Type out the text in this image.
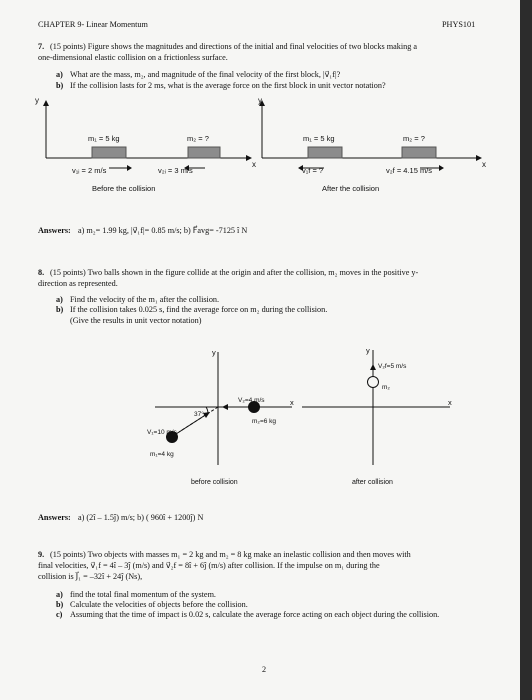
CHAPTER 9- Linear Momentum	PHYS101
7. (15 points) Figure shows the magnitudes and directions of the initial and final velocities of two blocks making a
one-dimensional elastic collision on a frictionless surface.
a) What are the mass, m₂, and magnitude of the final velocity of the first block, |v⃗₁f|?
b) If the collision lasts for 2 ms, what is the average force on the first block in unit vector notation?
y
x
m₁ = 5 kg	m₂ = ?
v₁ᵢ = 2 m/s	v₂ᵢ = 3 m/s
Before the collision
y
x
m₁ = 5 kg	m₂ = ?
v₁f = ?	v₂f = 4.15 m/s
After the collision
Answers: a) m₂= 1.99 kg, |v⃗₁f|= 0.85 m/s; b) F⃗avg= -7125 î N
8. (15 points) Two balls shown in the figure collide at the origin and after the collision, m₂ moves in the positive y-
direction as represented.
a) Find the velocity of the m₁ after the collision.
b) If the collision takes 0.025 s, find the average force on m₂ during the collision.
(Give the results in unit vector notation)
y
x
V₂=4 m/s
m₂=6 kg
37°
V₁=10 m/s
m₁=4 kg
before collision
y
x
V₂f=5 m/s
m₂
after collision
Answers: a) (2î – 1.5ĵ) m/s; b) ( 960î + 1200ĵ) N
9. (15 points) Two objects with masses m₁ = 2 kg and m₂ = 8 kg make an inelastic collision and then moves with
final velocities, v⃗₁f = 4î – 3ĵ (m/s) and v⃗₂f = 8î + 6ĵ (m/s) after collision. If the impulse on m₁ during the
collision is J⃗₁ = –32î + 24ĵ (Ns),
a) find the total final momentum of the system.
b) Calculate the velocities of objects before the collision.
c) Assuming that the time of impact is 0.02 s, calculate the average force acting on each object during the collision.
2
